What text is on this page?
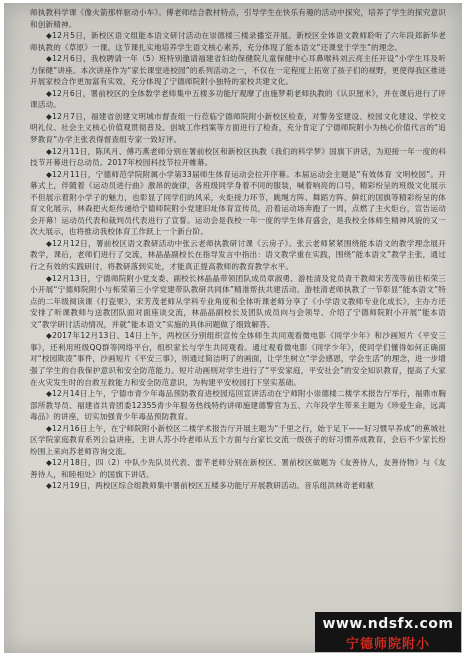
师执教科学课《像火箭那样驱动小车》。傅老师结合教材特点，引导学生在快乐有趣的活动中探究，培养了学生的探究意识和创新精神。

◆12月5日，新校区语文组能本语文研讨活动在崇德楼三楼录播室开展。新校区全体语文教师聆听了六年段郑新华老师执教的《草原》一课。这节课扎实地培养学生语文核心素养，充分体现了能本语文“还课堂于学生”的理念。

◆12月6日，我校聘请一年（5）班特别邀请福建省妇幼保健院儿童保健中心耳鼻喉科刘云亮主任开设“小学生耳及听力保健”讲座。本次讲座作为“家长课堂进校园”的系列活动之一，不仅在一定程度上拓宽了孩子们的视野，更使得我区推进开展家校合作更加富有实效，充分体现了宁德师院附小独特的家校共建文化。

◆12月6日，署前校区的全体数学老师集中五楼多功能厅观摩了由施梦莉老师执教的《认识厘米》，并在课后进行了评课活动。

◆12月7日，福建省创建文明城市督查组一行莅临宁德师院附小新校区检查，对警务室建设、校园文化建设、学校文明礼仪、社会主义核心价值观贯彻普及、创城工作档案等方面进行了检查，充分肯定了宁德师院附小为核心价值代言的“追梦教育”办学主张表得督查组专家一致好评。

◆12月11日，陈风月、傅巧燕老师分别在署前校区和新校区执教《我们的科学梦》国旗下讲话，为迎接一年一度的科技节开幕进行总动员。2017年校园科技节拉开帷幕。

◆12月11日，宁德师范学院附属小学第33届师生体育运动会拉开序幕。本届运动会主题是“有效体育 文明校园”。开幕式上，伴随着《运动员进行曲》激昂的旋律，各班级同学身着不同的服装，喊着响亮的口号，精彩纷呈的班级文化展示不但展示着附小学子的魅力，也彰显了同学们的风采，火炬接力环节，跳绳方阵、舞蹈方阵、鲜红的国旗等精彩纷呈的体育文化展示，林森把火炬传递给宁德师院附小党建旧址体育宣传员，沿着运动场奔跑了一周，点燃了主火炬台，宣告运动会开幕！运动员代表和裁判员代表进行了宣誓。运动会是我校一年一度的学生体育盛会，是我校全体师生精神风貌的又一次大展示，也将推动我校体育工作跃上一个新台阶。

◆12月12日，署前校区语文教研活动中张云老师执教研讨课《云房子》。张云老师紧紧围绕能本语文的教学理念展开教学，课后，老师们进行了交流，林晶晶副校长在指导发言中指出：语文教学重在实践，围绕“能本语文”教学主张，通过行之有效的实践研讨，将教研落到实处，才能真正提高教师的教育教学水平。

◆12月13日，宁德师院附小党支委、副校长林晶晶带领团队成员章淑勇、游桂清及党员青干教师宋芳茂等前往柘荣三小开展“宁德师院附小与柘荣第三小学党建带队教研共同体”精准帮扶共建活动。游桂清老师执教了一节彰显“能本语文”特点的二年级阅读课《打瓷果》，宋芳茂老师从学科专业角度和全体听课老师分享了《小学语文教师专业化成长》，主办方还安排了听课教师与送教团队面对面座谈交流，林晶晶副校长及团队成员向与会领导、介绍了宁德师院附小开展“能本语文”教学研讨活动情况，并就“能本语文”实施的具体问题做了细致解答。

◆2017年12月13日、14日上午，两校区分别组织宣传全体师生共同观看微电影《同学少年》和沙画短片《平安三事》，还利用班级QQ群等网络平台，组织家长与学生共同观看。通过观看微电影《同学少年》，使同学们懂得如何正确面对“校园欺凌”事件，沙画短片《平安三事》，则通过简洁明了的画面，让学生树立“学会感恩，学会生活”的理念，进一步增强了学生的自我保护意识和安全防范能力。短片动画则对学生进行了“平安家庭，平安社会”的安全知识教育，提高了大家在火灾发生时的自救互救能力和安全防范意识，为构建平安校园打下坚实基础。

◆12月14日上午，宁德市青少年毒品预防教育进校园巡回宣讲活动在宁师附小崇德楼二楼学术报告厅举行，福鼎市胸部所教导员、福建省共青团委12355青少年服务热线特约讲师施建德警官为五、六年段学生带来主题为《珍爱生命，远离毒品》的讲座，切实加强青少年毒品预防教育。

◆12月16日上午，在宁师院附小新校区二楼学术报告厅开展主题为“千里之行，始于足下——好习惯早养成”的蕉城社区学院家庭教育系列公益讲座，主讲人苏小玲老师从五个方面与台家长交流一级孩子的好习惯养成教育，会后不少家长纷纷围上来向苏老师咨询交流。

◆12月18日，四（2）中队少先队员代表、雷芊老师分别在新校区、署前校区做题为《友善待人，友善待物》与《友善待人，和睦相处》的国旗下讲话。

◆12月19日，两校区综合组教师集中署前校区五楼多功能厅开展教研活动。音乐组洪林奇老师献

www.ndsfx.com
宁德师院附小
